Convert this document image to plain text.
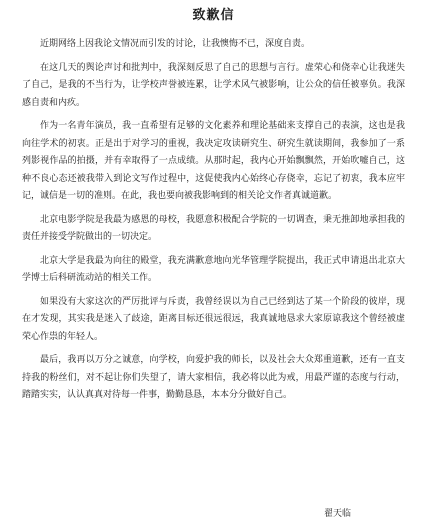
致歉信

近期网络上因我论文情况而引发的讨论，让我懊悔不已，深度自责。

在这几天的舆论声讨和批判中，我深刻反思了自己的思想与言行。虚荣心和侥幸心让我迷失了自己，是我的不当行为，让学校声誉被连累，让学术风气被影响，让公众的信任被辜负。我深感自责和内疚。

作为一名青年演员，我一直希望有足够的文化素养和理论基础来支撑自己的表演，这也是我向往学术的初衷。正是出于对学习的重视，我决定攻读研究生、研究生就读期间，我参加了一系列影视作品的拍摄，并有幸取得了一点成绩。从那时起，我内心开始飘飘然，开始吹嘘自己，这种不良心态还被我带入到论文写作过程中，这促使我内心始终心存侥幸，忘记了初衷，我本应牢记，诚信是一切的准则。在此，我也要向被我影响到的相关论文作者真诚道歉。

北京电影学院是我最为感恩的母校，我愿意积极配合学院的一切调查，秉无推卸地承担我的责任并接受学院做出的一切决定。

北京大学是我最为向往的殿堂，我充满歉意地向光华管理学院提出，我正式申请退出北京大学博士后科研流动站的相关工作。

如果没有大家这次的严厉批评与斥责，我曾经误以为自己已经到达了某一个阶段的彼岸，现在才发现，其实我是迷入了歧途，距离目标还很远很远，我真诚地恳求大家原谅我这个曾经被虚荣心作祟的年轻人。

最后，我再以万分之诚意，向学校，向爱护我的师长，以及社会大众郑重道歉，还有一直支持我的粉丝们，对不起让你们失望了，请大家相信，我必将以此为戒，用最严谨的态度与行动，踏踏实实，认认真真对待每一件事，勤勤恳恳，本本分分做好自己。

翟天临
